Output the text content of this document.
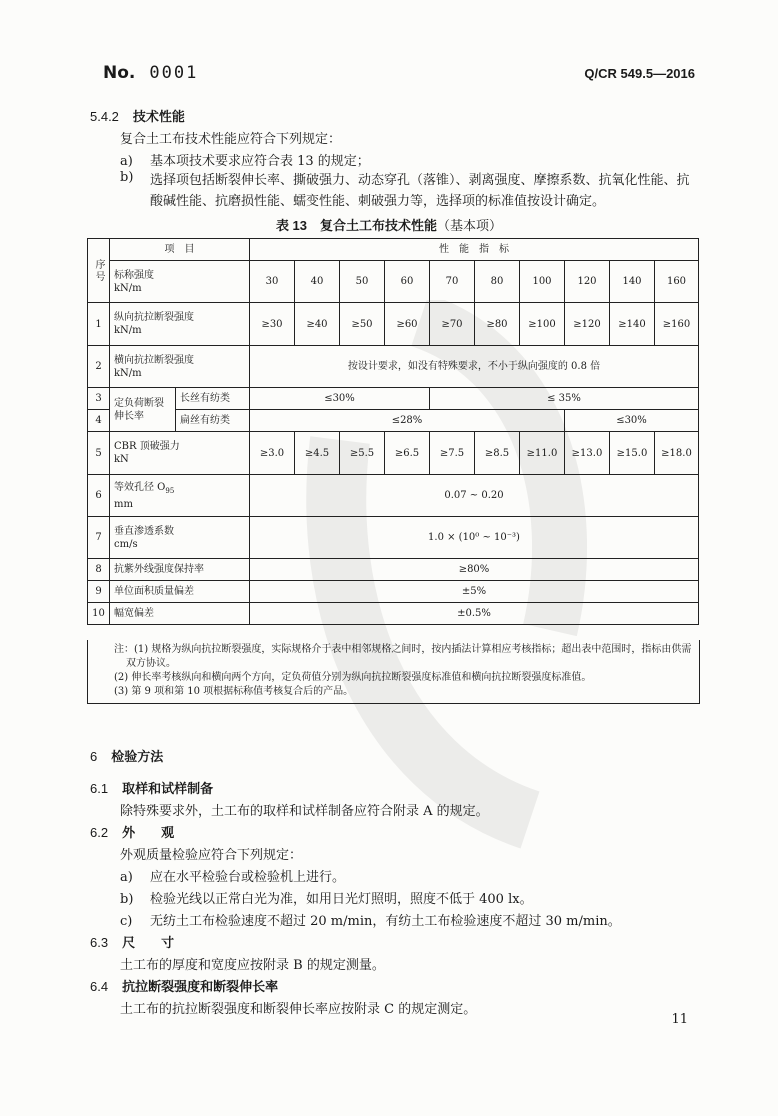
No. 0001	Q/CR 549.5—2016
5.4.2 技术性能
复合土工布技术性能应符合下列规定：
a) 基本项技术要求应符合表 13 的规定；
b)	选择项包括断裂伸长率、撕破强力、动态穿孔（落锥）、剥离强度、摩擦系数、抗氧化性能、抗酸碱性能、抗磨损性能、蠕变性能、刺破强力等，选择项的标准值按设计确定。
表 13　 复合土工布技术性能（基本项）
序号	项　目		性　能　指　标									

	标称强度
kN/m		30	40	50	60	70	80	100	120	140	160
1	纵向抗拉断裂强度
kN/m		≥30	≥40	≥50	≥60	≥70	≥80	≥100	≥120	≥140	≥160
2	横向抗拉断裂强度
kN/m		按设计要求，如没有特殊要求，不小于纵向强度的 0.8 倍									
3	定负荷断裂伸长率	长丝有纺类	≤30%				≤ 35%					
4		扁丝有纺类	≤28%							≤30%		
5	CBR 顶破强力
kN		≥3.0	≥4.5	≥5.5	≥6.5	≥7.5	≥8.5	≥11.0	≥13.0	≥15.0	≥18.0
6	等效孔径 $O_{95}$
mm		0.07 ~ 0.20									
7	垂直渗透系数
cm/s		1.0 × (10⁰ ~ 10⁻³)									
8	抗紫外线强度保持率		≥80%									
9	单位面积质量偏差		±5%									
10	幅宽偏差		±0.5%									
注：(1) 规格为纵向抗拉断裂强度，实际规格介于表中相邻规格之间时，按内插法计算相应考核指标；超出表中范围时，指标由供需双方协议。
(2) 伸长率考核纵向和横向两个方向，定负荷值分别为纵向抗拉断裂强度标准值和横向抗拉断裂强度标准值。
(3) 第 9 项和第 10 项根据标称值考核复合后的产品。
6 检验方法
6.1 取样和试样制备
除特殊要求外，土工布的取样和试样制备应符合附录 A 的规定。
6.2 外　　观
外观质量检验应符合下列规定：
a) 应在水平检验台或检验机上进行。
b) 检验光线以正常白光为准，如用日光灯照明，照度不低于 400 lx。
c) 无纺土工布检验速度不超过 20 m/min，有纺土工布检验速度不超过 30 m/min。
6.3 尺　　寸
土工布的厚度和宽度应按附录 B 的规定测量。
6.4 抗拉断裂强度和断裂伸长率
土工布的抗拉断裂强度和断裂伸长率应按附录 C 的规定测定。
11
